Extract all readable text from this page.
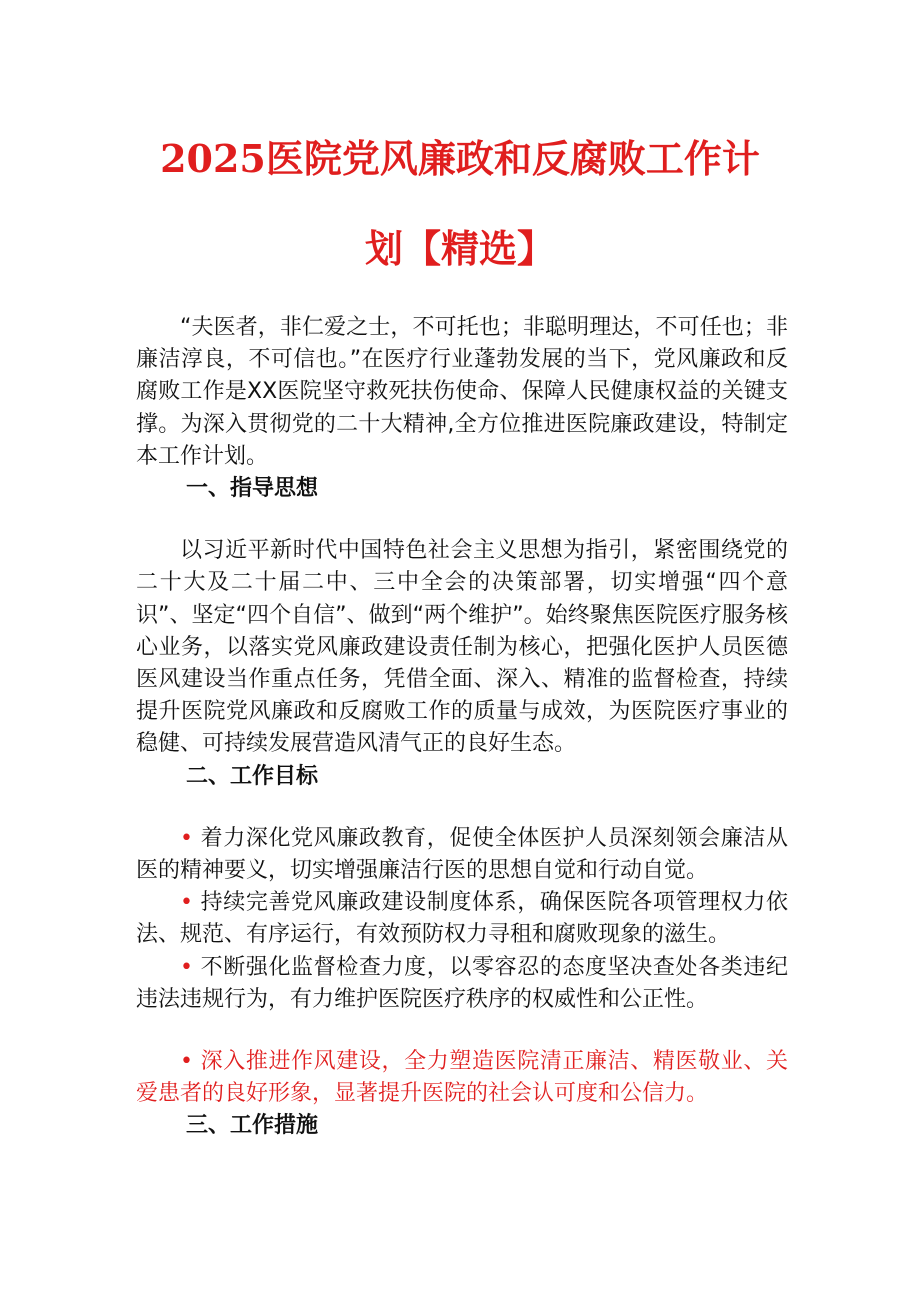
2025医院党风廉政和反腐败工作计
划【精选】

“夫医者，非仁爱之士，不可托也；非聪明理达，不可任也；非廉洁淳良，不可信也。”在医疗行业蓬勃发展的当下，党风廉政和反腐败工作是XX医院坚守救死扶伤使命、保障人民健康权益的关键支撑。为深入贯彻党的二十大精神,全方位推进医院廉政建设，特制定本工作计划。

一、指导思想

以习近平新时代中国特色社会主义思想为指引，紧密围绕党的二十大及二十届二中、三中全会的决策部署，切实增强“四个意识”、坚定“四个自信”、做到“两个维护”。始终聚焦医院医疗服务核心业务，以落实党风廉政建设责任制为核心，把强化医护人员医德医风建设当作重点任务，凭借全面、深入、精准的监督检查，持续提升医院党风廉政和反腐败工作的质量与成效，为医院医疗事业的稳健、可持续发展营造风清气正的良好生态。

二、工作目标

• 着力深化党风廉政教育，促使全体医护人员深刻领会廉洁从医的精神要义，切实增强廉洁行医的思想自觉和行动自觉。

• 持续完善党风廉政建设制度体系，确保医院各项管理权力依法、规范、有序运行，有效预防权力寻租和腐败现象的滋生。

• 不断强化监督检查力度，以零容忍的态度坚决查处各类违纪违法违规行为，有力维护医院医疗秩序的权威性和公正性。

• 深入推进作风建设，全力塑造医院清正廉洁、精医敬业、关爱患者的良好形象，显著提升医院的社会认可度和公信力。

三、工作措施
